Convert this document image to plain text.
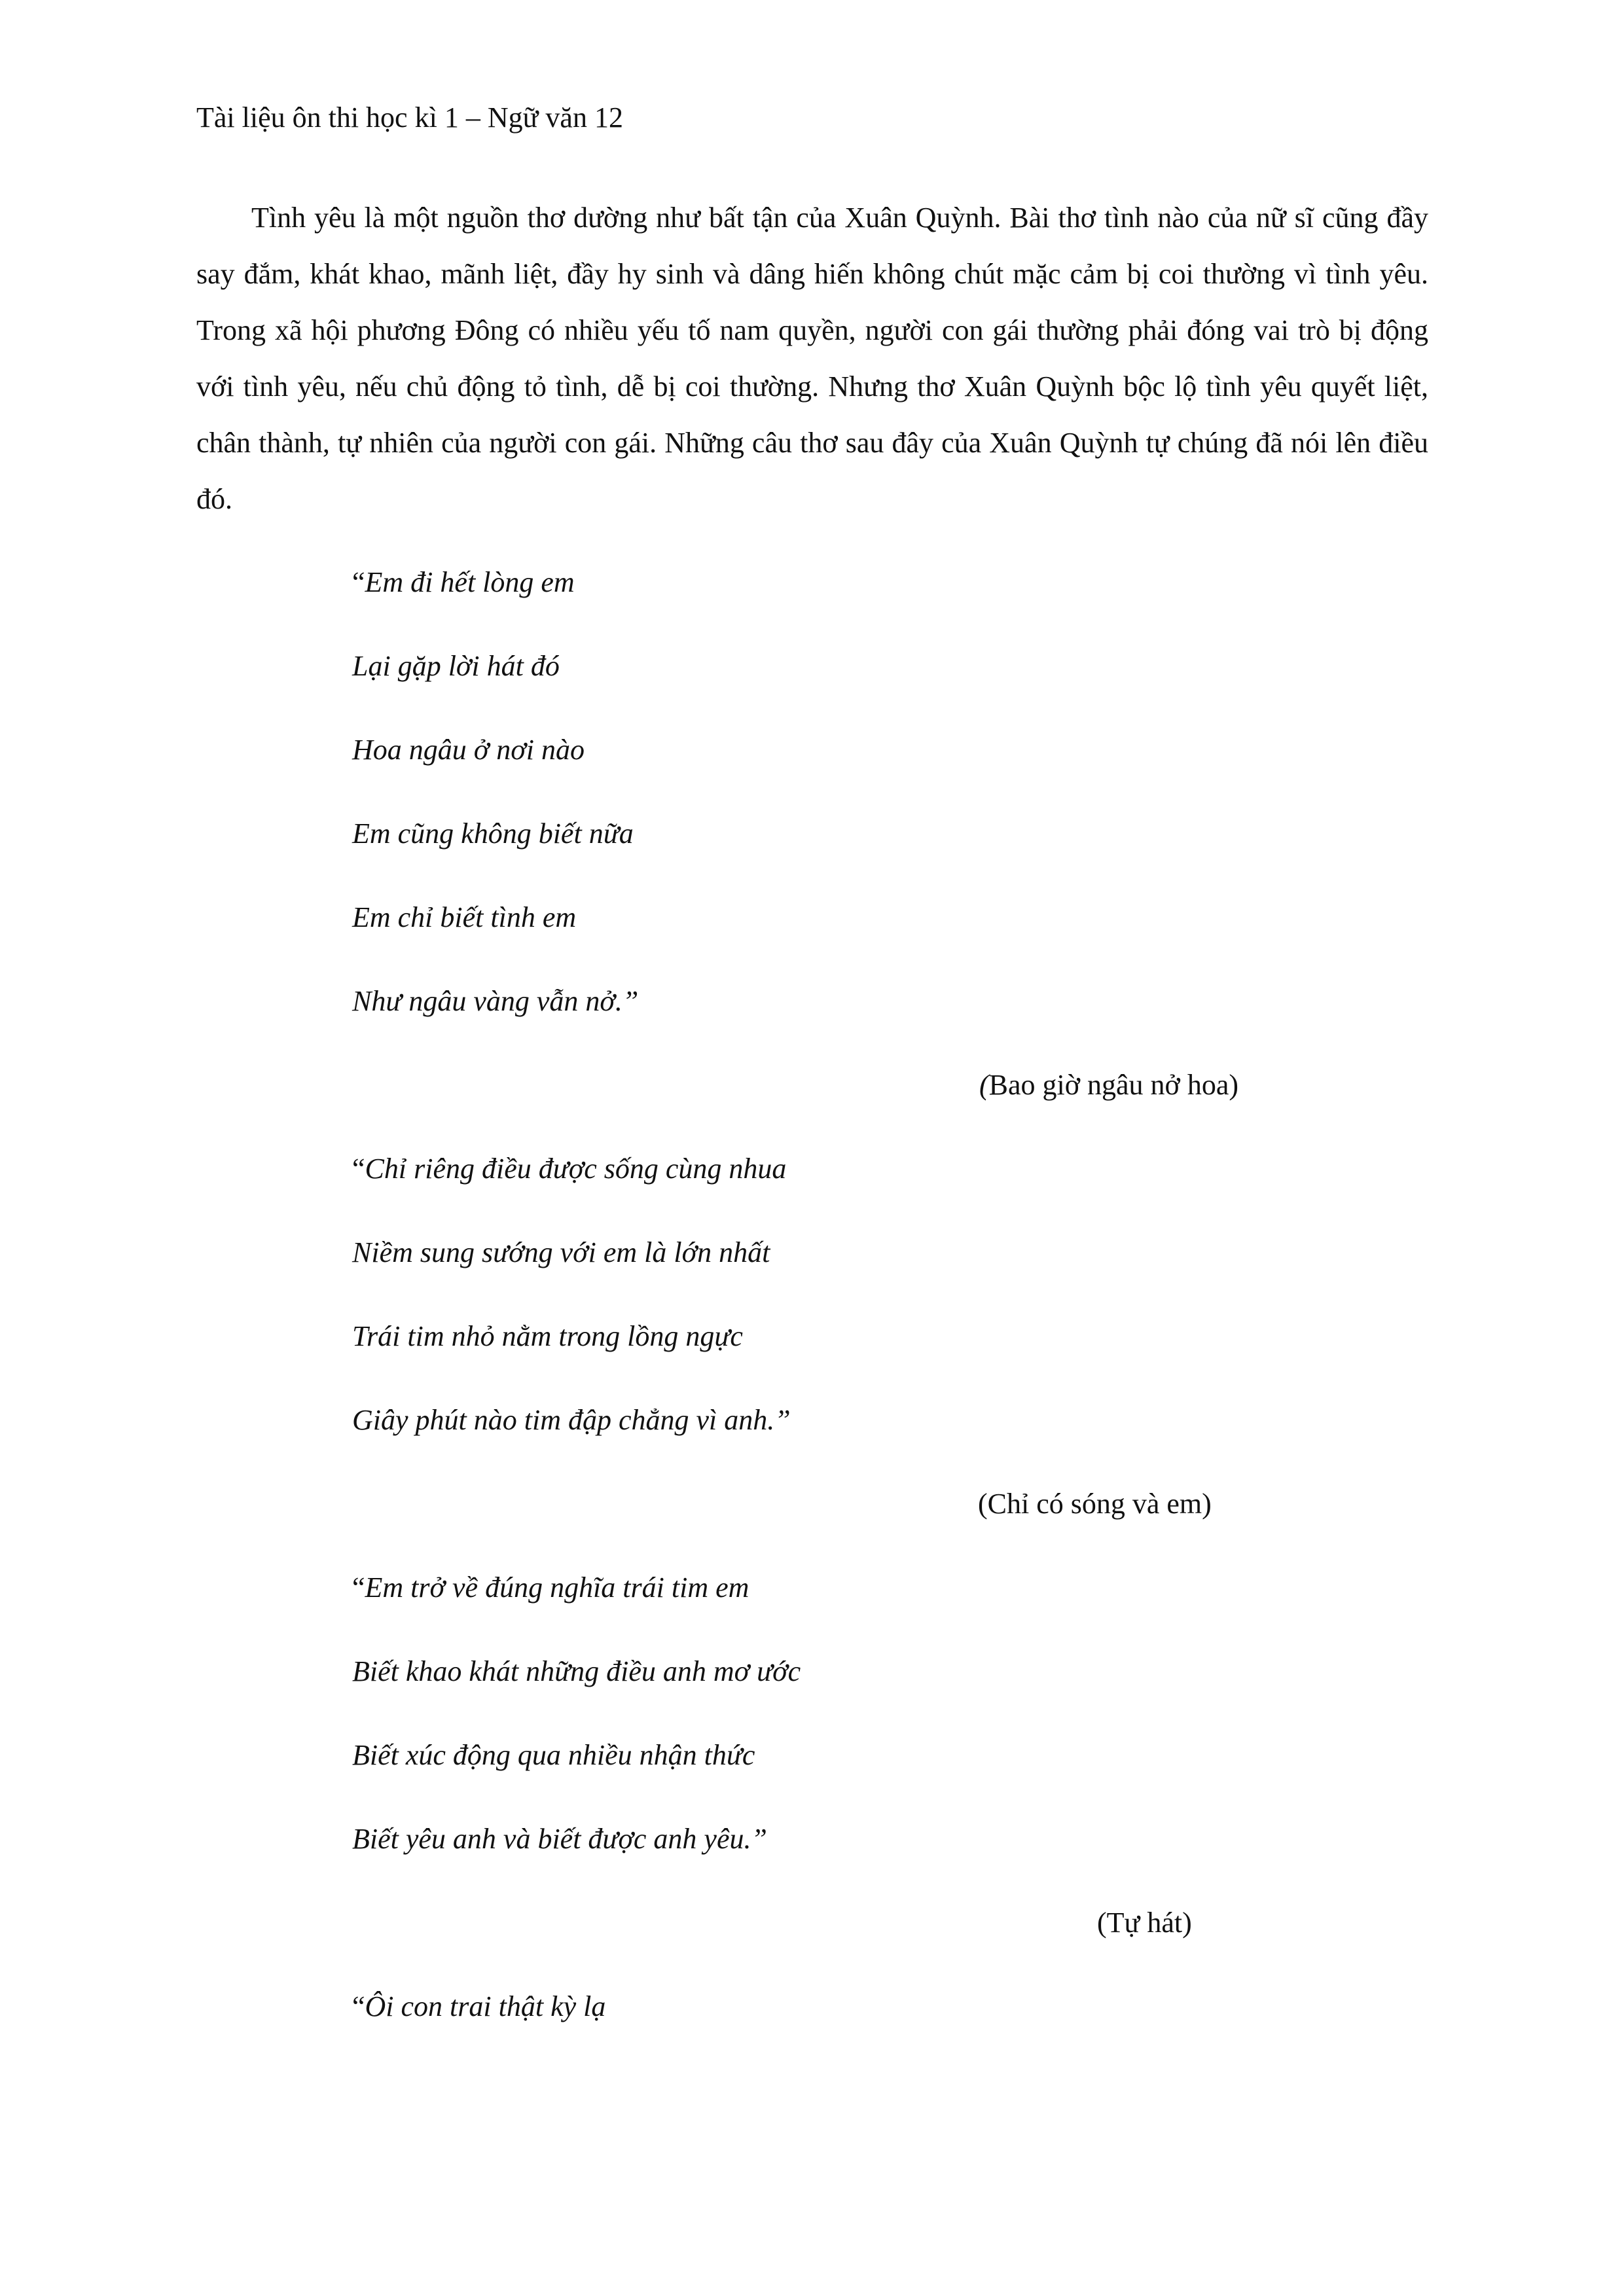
Tài liệu ôn thi học kì 1 – Ngữ văn 12

Tình yêu là một nguồn thơ dường như bất tận của Xuân Quỳnh. Bài thơ tình nào của nữ sĩ cũng đầy say đắm, khát khao, mãnh liệt, đầy hy sinh và dâng hiến không chút mặc cảm bị coi thường vì tình yêu. Trong xã hội phương Đông có nhiều yếu tố nam quyền, người con gái thường phải đóng vai trò bị động với tình yêu, nếu chủ động tỏ tình, dễ bị coi thường. Nhưng thơ Xuân Quỳnh bộc lộ tình yêu quyết liệt, chân thành, tự nhiên của người con gái. Những câu thơ sau đây của Xuân Quỳnh tự chúng đã nói lên điều đó.

“Em đi hết lòng em
Lại gặp lời hát đó
Hoa ngâu ở nơi nào
Em cũng không biết nữa
Em chỉ biết tình em
Như ngâu vàng vẫn nở.”
(Bao giờ ngâu nở hoa)
“Chỉ riêng điều được sống cùng nhua
Niềm sung sướng với em là lớn nhất
Trái tim nhỏ nằm trong lồng ngực
Giây phút nào tim đập chẳng vì anh.”
(Chỉ có sóng và em)
“Em trở về đúng nghĩa trái tim em
Biết khao khát những điều anh mơ ước
Biết xúc động qua nhiều nhận thức
Biết yêu anh và biết được anh yêu.”
(Tự hát)
“Ôi con trai thật kỳ lạ
